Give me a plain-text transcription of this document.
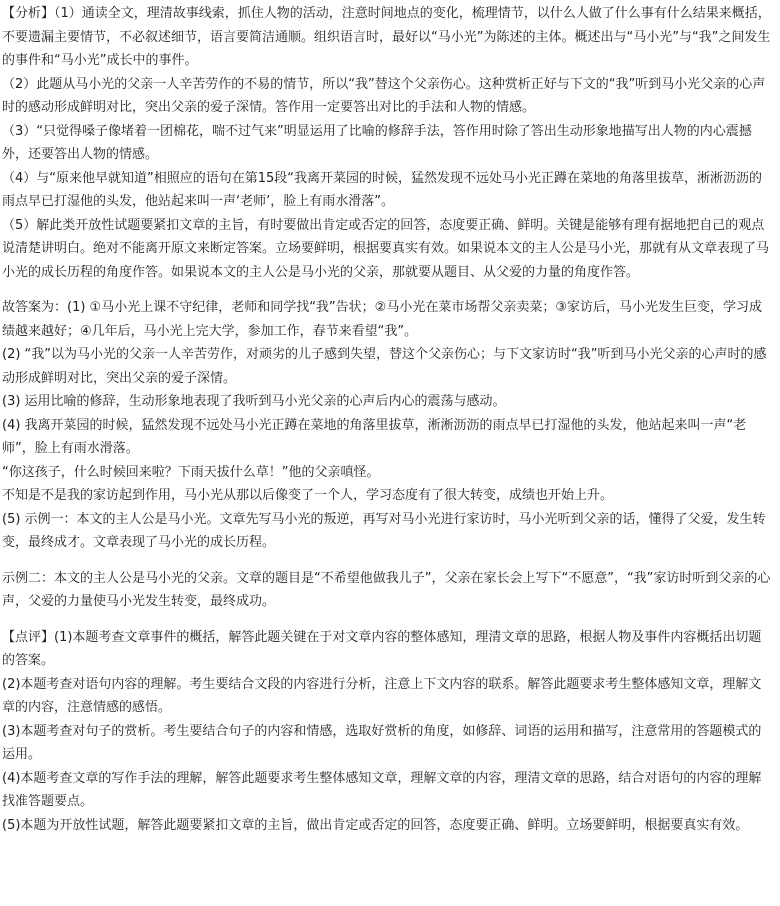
【分析】（1）通读全文，理清故事线索，抓住人物的活动，注意时间地点的变化，梳理情节，以什么人做了什么事有什么结果来概括，不要遗漏主要情节，不必叙述细节，语言要简洁通顺。组织语言时，最好以“马小光”为陈述的主体。概述出与“马小光”与“我”之间发生的事件和“马小光”成长中的事件。

（2）此题从马小光的父亲一人辛苦劳作的不易的情节，所以“我”替这个父亲伤心。这种赏析正好与下文的“我”听到马小光父亲的心声时的感动形成鲜明对比，突出父亲的爱子深情。答作用一定要答出对比的手法和人物的情感。

（3）“只觉得嗓子像堵着一团棉花，喘不过气来”明显运用了比喻的修辞手法，答作用时除了答出生动形象地描写出人物的内心震撼外，还要答出人物的情感。

（4）与“原来他早就知道”相照应的语句在第15段“我离开菜园的时候，猛然发现不远处马小光正蹲在菜地的角落里拔草，淅淅沥沥的雨点早已打湿他的头发，他站起来叫一声‘老师’，脸上有雨水滑落”。

（5）解此类开放性试题要紧扣文章的主旨，有时要做出肯定或否定的回答，态度要正确、鲜明。关键是能够有理有据地把自己的观点说清楚讲明白。绝对不能离开原文来断定答案。立场要鲜明，根据要真实有效。如果说本文的主人公是马小光，那就有从文章表现了马小光的成长历程的角度作答。如果说本文的主人公是马小光的父亲，那就要从题目、从父爱的力量的角度作答。

故答案为：(1) ①马小光上课不守纪律，老师和同学找“我”告状；②马小光在菜市场帮父亲卖菜；③家访后，马小光发生巨变，学习成绩越来越好；④几年后，马小光上完大学，参加工作，春节来看望“我”。

(2) “我”以为马小光的父亲一人辛苦劳作，对顽劣的儿子感到失望，替这个父亲伤心；与下文家访时“我”听到马小光父亲的心声时的感动形成鲜明对比，突出父亲的爱子深情。

(3) 运用比喻的修辞，生动形象地表现了我听到马小光父亲的心声后内心的震荡与感动。

(4) 我离开菜园的时候，猛然发现不远处马小光正蹲在菜地的角落里拔草，淅淅沥沥的雨点早已打湿他的头发，他站起来叫一声“老师”，脸上有雨水滑落。

“你这孩子，什么时候回来啦？下雨天拔什么草！”他的父亲嗔怪。

不知是不是我的家访起到作用，马小光从那以后像变了一个人，学习态度有了很大转变，成绩也开始上升。

(5) 示例一：本文的主人公是马小光。文章先写马小光的叛逆，再写对马小光进行家访时，马小光听到父亲的话，懂得了父爱，发生转变，最终成才。文章表现了马小光的成长历程。

示例二：本文的主人公是马小光的父亲。文章的题目是“不希望他做我儿子”，父亲在家长会上写下“不愿意”，“我”家访时听到父亲的心声，父爱的力量使马小光发生转变，最终成功。

【点评】(1)本题考查文章事件的概括，解答此题关键在于对文章内容的整体感知，理清文章的思路，根据人物及事件内容概括出切题的答案。

(2)本题考查对语句内容的理解。考生要结合文段的内容进行分析，注意上下文内容的联系。解答此题要求考生整体感知文章，理解文章的内容，注意情感的感悟。

(3)本题考查对句子的赏析。考生要结合句子的内容和情感，选取好赏析的角度，如修辞、词语的运用和描写，注意常用的答题模式的运用。

(4)本题考查文章的写作手法的理解，解答此题要求考生整体感知文章，理解文章的内容，理清文章的思路，结合对语句的内容的理解找准答题要点。

(5)本题为开放性试题，解答此题要紧扣文章的主旨，做出肯定或否定的回答，态度要正确、鲜明。立场要鲜明，根据要真实有效。
